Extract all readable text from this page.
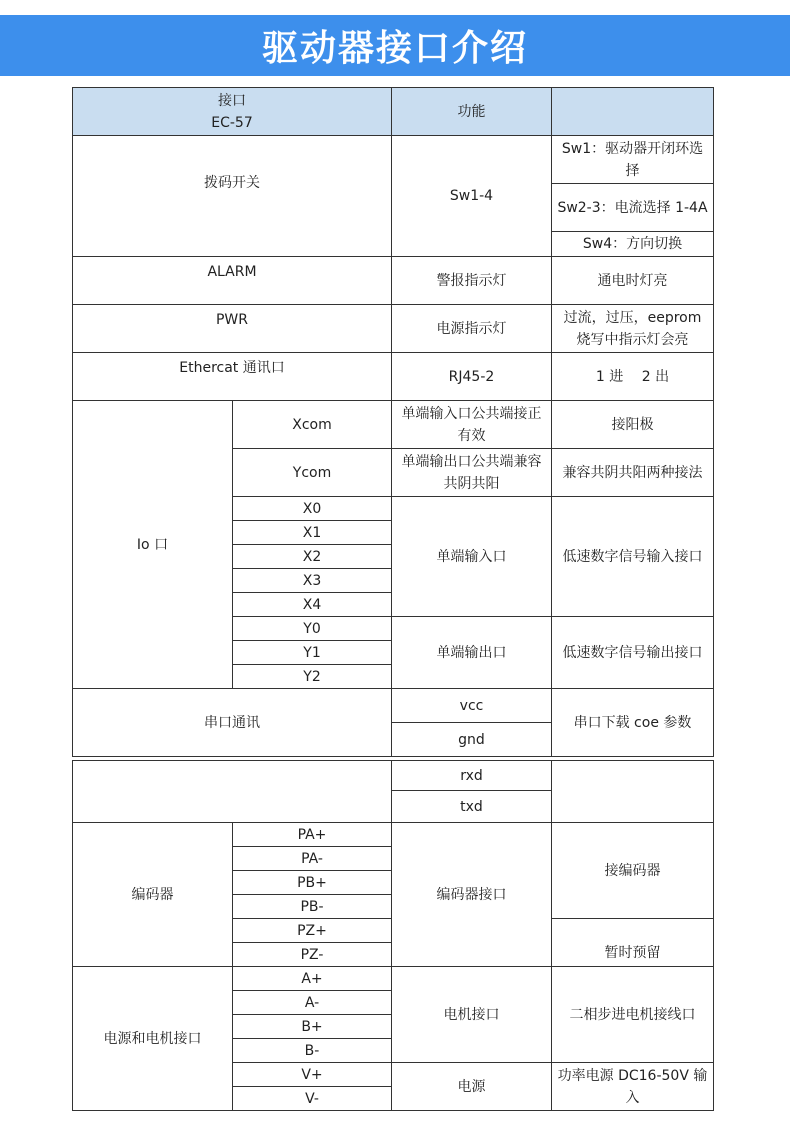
驱动器接口介绍
接口
EC-57		功能	
拨码开关		Sw1-4	Sw1：驱动器开闭环选择
			Sw2-3：电流选择 1-4A
			Sw4：方向切换
ALARM		警报指示灯	通电时灯亮
PWR		电源指示灯	过流，过压，eeprom 烧写中指示灯会亮
Ethercat 通讯口		RJ45-2	1 进　 2 出
Io 口	Xcom	单端输入口公共端接正有效	接阳极
	Ycom	单端输出口公共端兼容共阴共阳	兼容共阴共阳两种接法
	X0	单端输入口	低速数字信号输入接口
	X1		
	X2		
	X3		
	X4		
	Y0	单端输出口	低速数字信号输出接口
	Y1		
	Y2		
串口通讯		vcc	串口下载 coe 参数
		gnd	
		rxd	
		txd	
编码器	PA+	编码器接口	接编码器
	PA-		
	PB+		
	PB-		
	PZ+		暂时预留
	PZ-		
电源和电机接口	A+	电机接口	二相步进电机接线口
	A-		
	B+		
	B-		
	V+	电源	功率电源 DC16-50V 输入
	V-		
